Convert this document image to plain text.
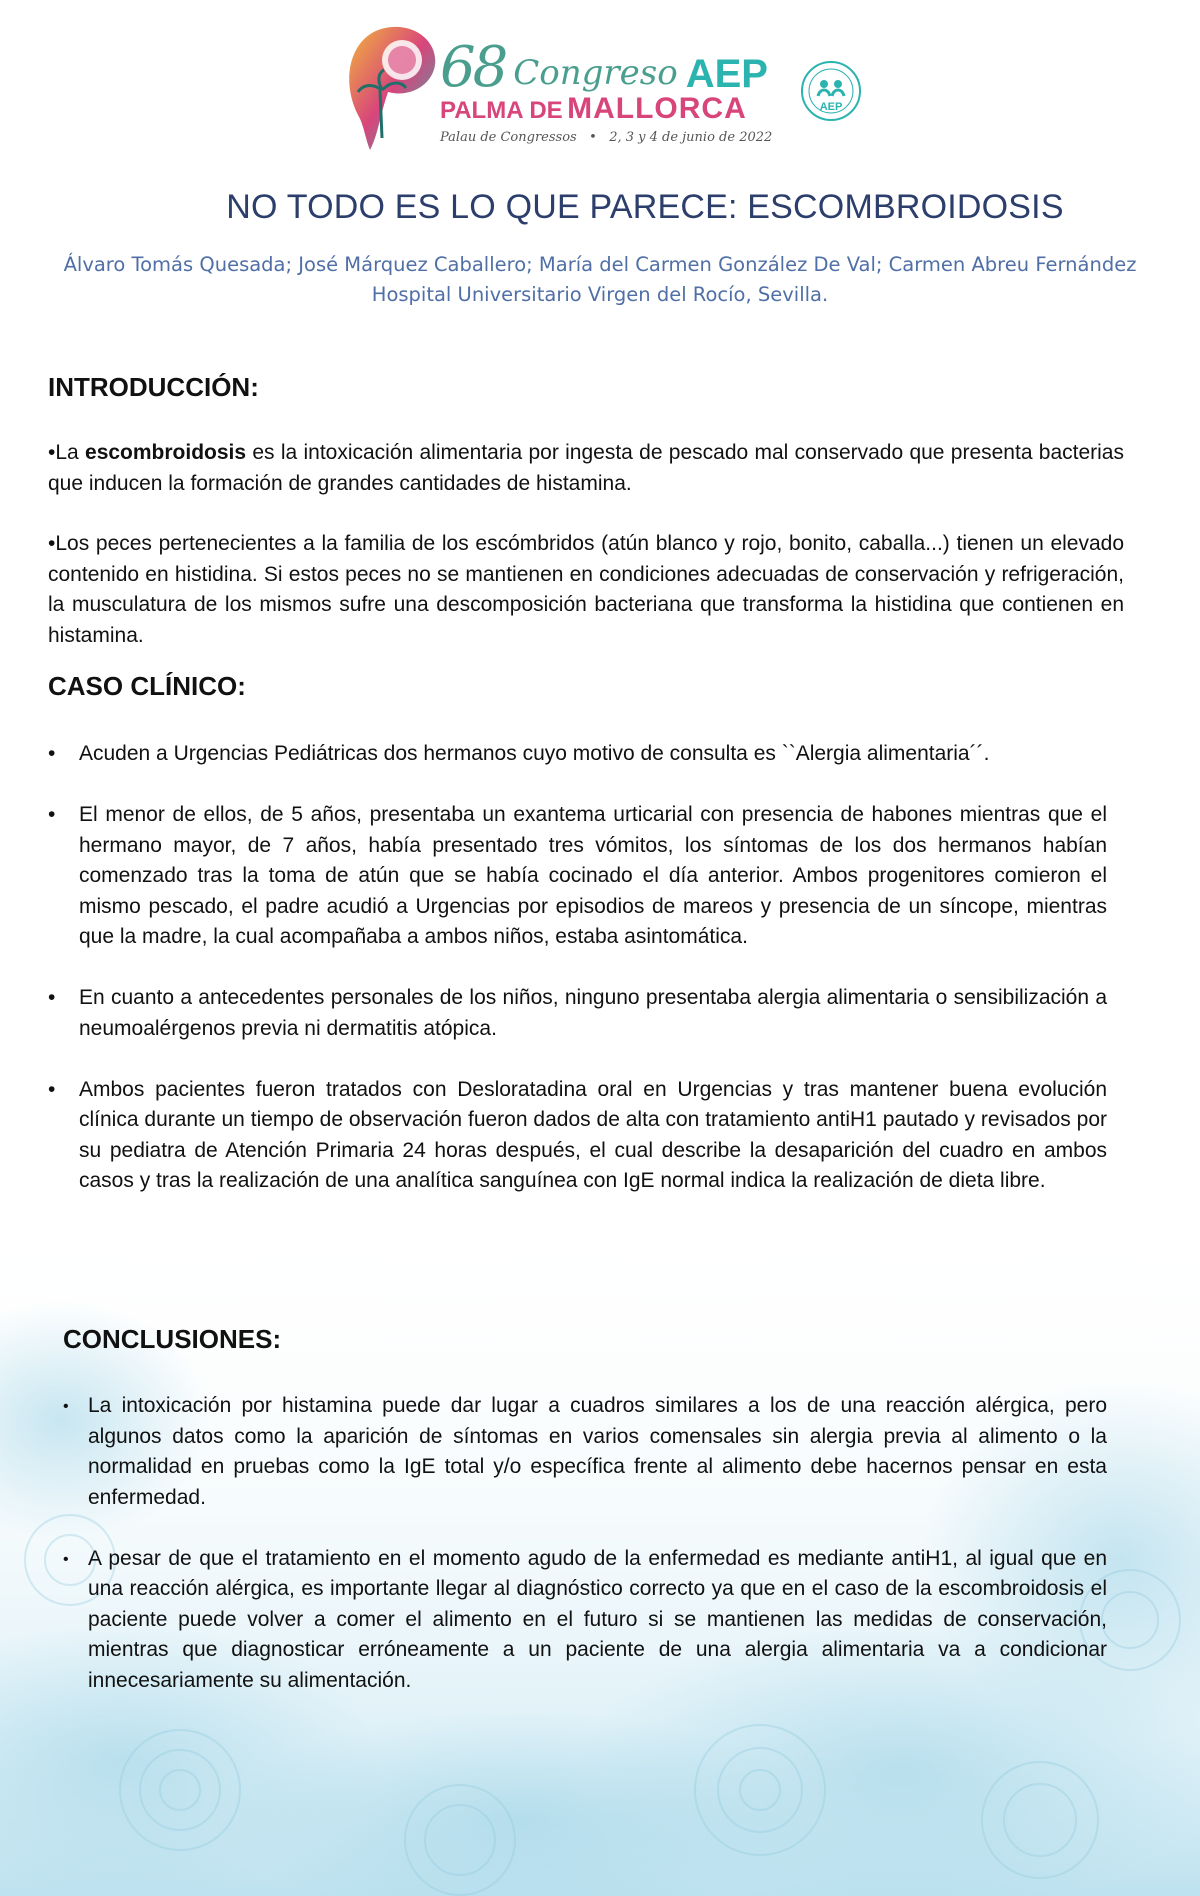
68 Congreso AEP
PALMA DE MALLORCA
Palau de Congressos   •   2, 3 y 4 de junio de 2022
AEP
NO TODO ES LO QUE PARECE: ESCOMBROIDOSIS
Álvaro Tomás Quesada; José Márquez Caballero; María del Carmen González De Val; Carmen Abreu Fernández
Hospital Universitario Virgen del Rocío, Sevilla.
INTRODUCCIÓN:
•La escombroidosis es la intoxicación alimentaria por ingesta de pescado mal conservado que presenta bacterias que inducen la formación de grandes cantidades de histamina.
•Los peces pertenecientes a la familia de los escómbridos (atún blanco y rojo, bonito, caballa...) tienen un elevado contenido en histidina. Si estos peces no se mantienen en condiciones adecuadas de conservación y refrigeración, la musculatura de los mismos sufre una descomposición bacteriana que transforma la histidina que contienen en histamina.
CASO CLÍNICO:
• Acuden a Urgencias Pediátricas dos hermanos cuyo motivo de consulta es ``Alergia alimentaria´´.
• El menor de ellos, de 5 años, presentaba un exantema urticarial con presencia de habones mientras que el hermano mayor, de 7 años, había presentado tres vómitos, los síntomas de los dos hermanos habían comenzado tras la toma de atún que se había cocinado el día anterior. Ambos progenitores comieron el mismo pescado, el padre acudió a Urgencias por episodios de mareos y presencia de un síncope, mientras que la madre, la cual acompañaba a ambos niños, estaba asintomática.
• En cuanto a antecedentes personales de los niños, ninguno presentaba alergia alimentaria o sensibilización a neumoalérgenos previa ni dermatitis atópica.
• Ambos pacientes fueron tratados con Desloratadina oral en Urgencias y tras mantener buena evolución clínica durante un tiempo de observación fueron dados de alta con tratamiento antiH1 pautado y revisados por su pediatra de Atención Primaria 24 horas después, el cual describe la desaparición del cuadro en ambos casos y tras la realización de una analítica sanguínea con IgE normal indica la realización de dieta libre.
CONCLUSIONES:
• La intoxicación por histamina puede dar lugar a cuadros similares a los de una reacción alérgica, pero algunos datos como la aparición de síntomas en varios comensales sin alergia previa al alimento o la normalidad en pruebas como la IgE total y/o específica frente al alimento debe hacernos pensar en esta enfermedad.
• A pesar de que el tratamiento en el momento agudo de la enfermedad es mediante antiH1, al igual que en una reacción alérgica, es importante llegar al diagnóstico correcto ya que en el caso de la escombroidosis el paciente puede volver a comer el alimento en el futuro si se mantienen las medidas de conservación, mientras que diagnosticar erróneamente a un paciente de una alergia alimentaria va a condicionar innecesariamente su alimentación.
